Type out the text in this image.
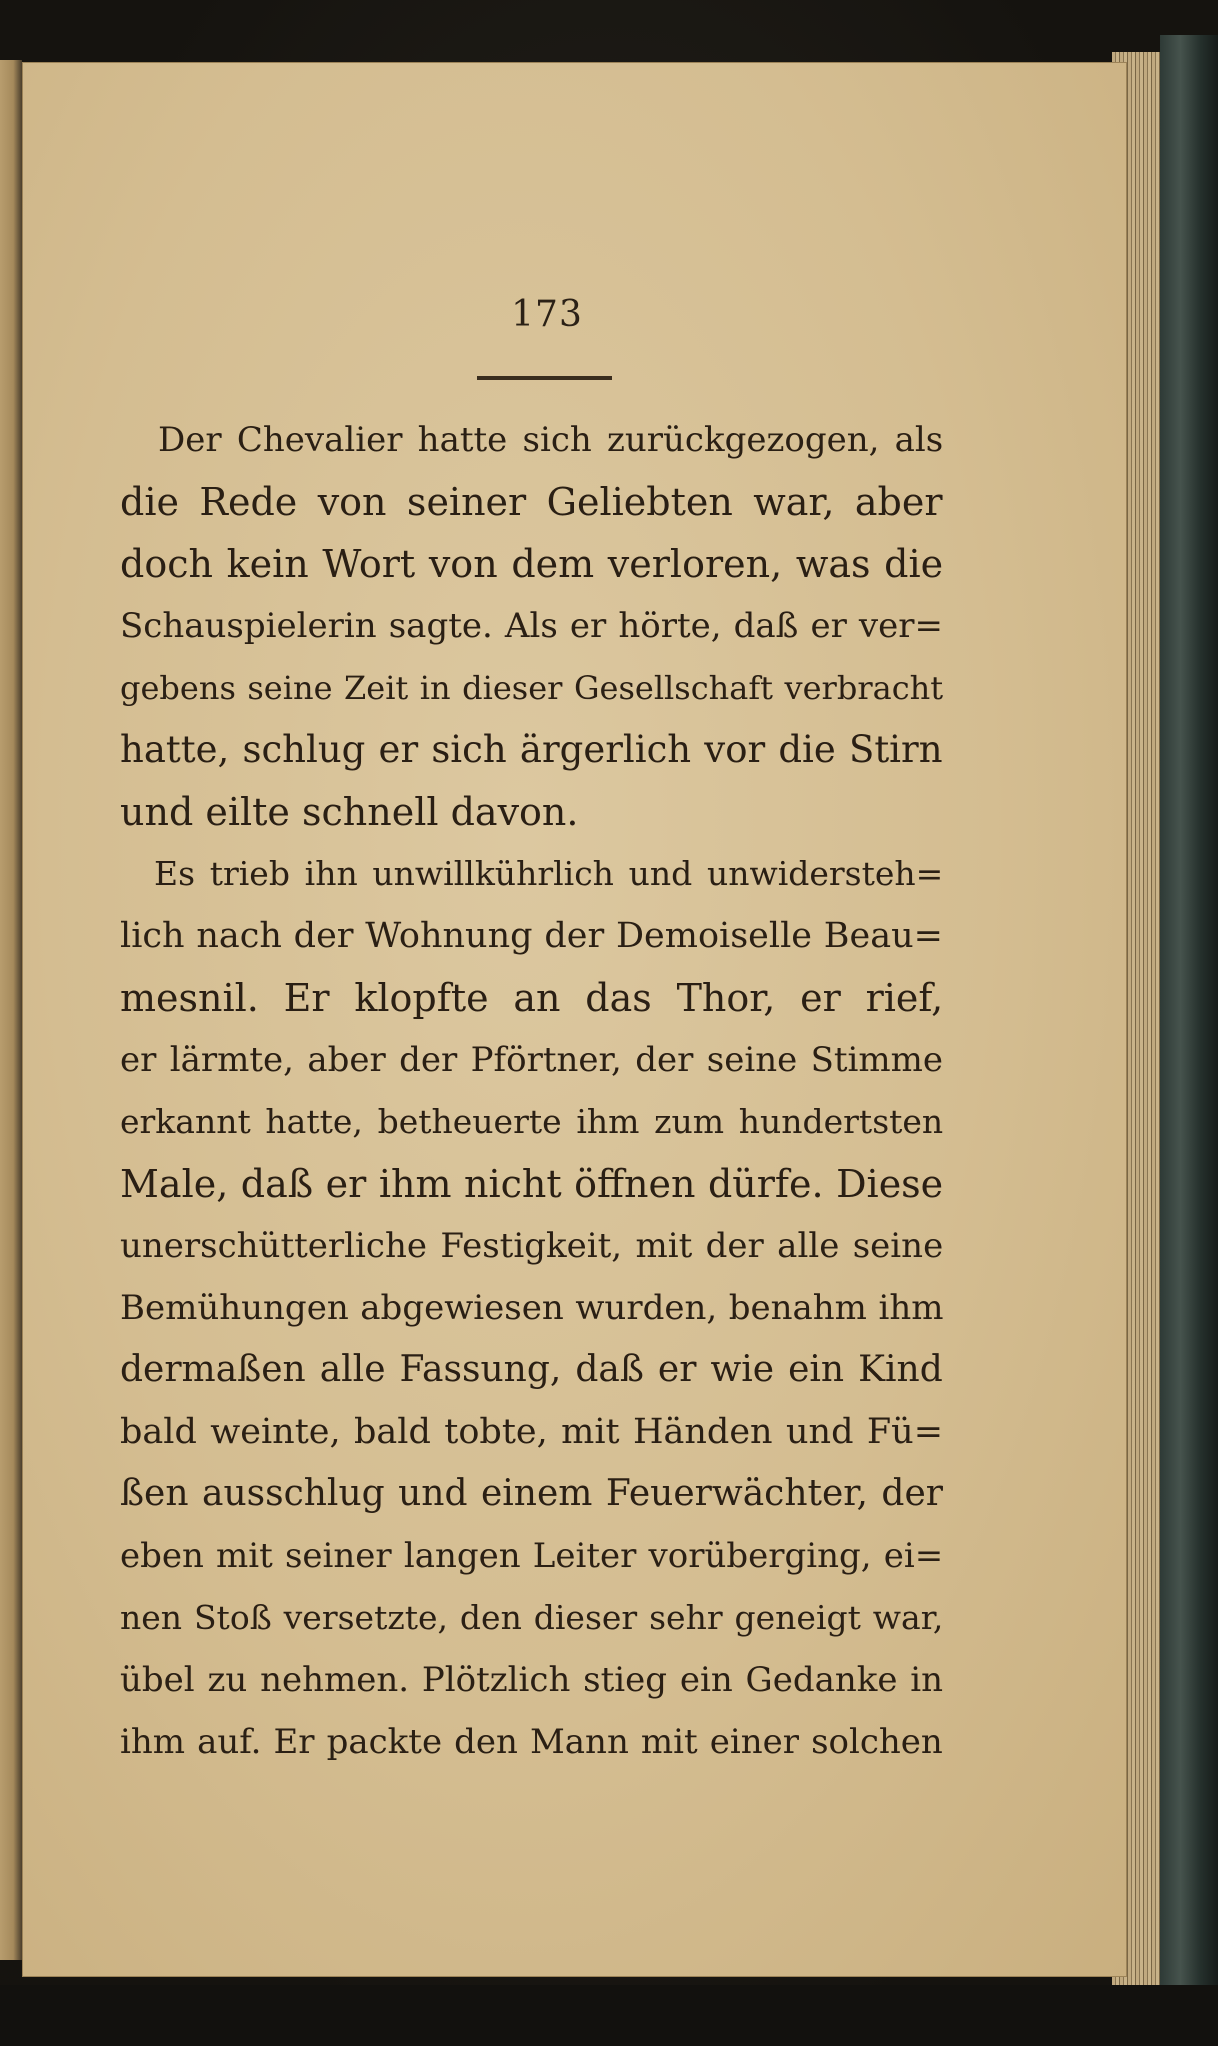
173
Der Chevalier hatte sich zurückgezogen, als
die Rede von seiner Geliebten war, aber
doch kein Wort von dem verloren, was die
Schauspielerin sagte. Als er hörte, daß er ver=
gebens seine Zeit in dieser Gesellschaft verbracht
hatte, schlug er sich ärgerlich vor die Stirn
und eilte schnell davon.
Es trieb ihn unwillkührlich und unwidersteh=
lich nach der Wohnung der Demoiselle Beau=
mesnil. Er klopfte an das Thor, er rief,
er lärmte, aber der Pförtner, der seine Stimme
erkannt hatte, betheuerte ihm zum hundertsten
Male, daß er ihm nicht öffnen dürfe. Diese
unerschütterliche Festigkeit, mit der alle seine
Bemühungen abgewiesen wurden, benahm ihm
dermaßen alle Fassung, daß er wie ein Kind
bald weinte, bald tobte, mit Händen und Fü=
ßen ausschlug und einem Feuerwächter, der
eben mit seiner langen Leiter vorüberging, ei=
nen Stoß versetzte, den dieser sehr geneigt war,
übel zu nehmen. Plötzlich stieg ein Gedanke in
ihm auf. Er packte den Mann mit einer solchen
